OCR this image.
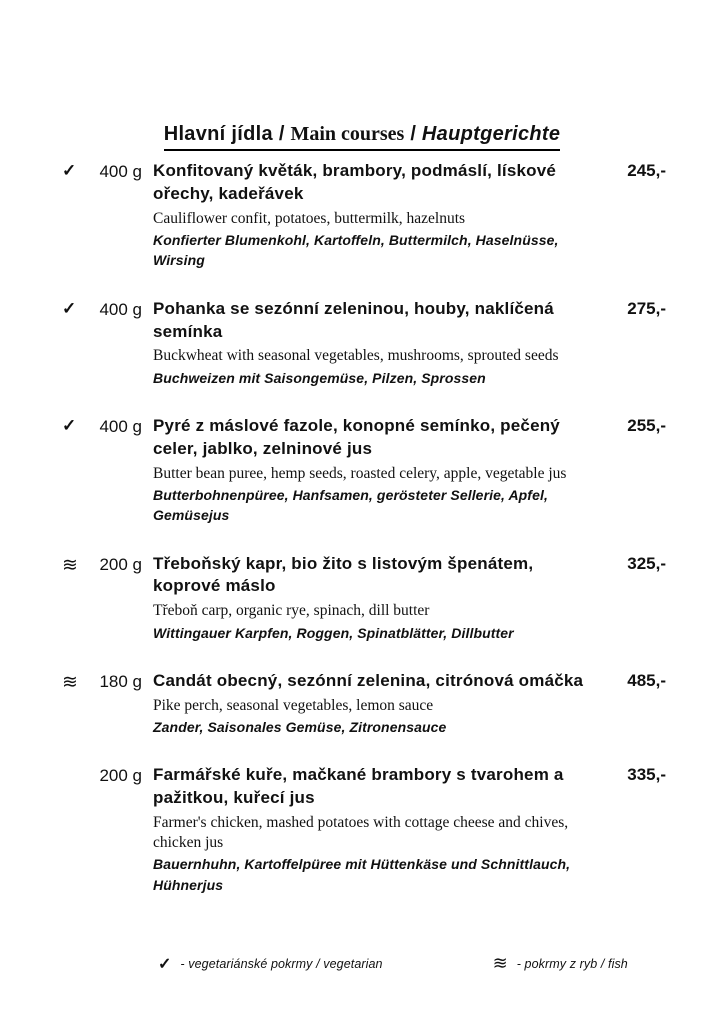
Hlavní jídla / Main courses / Hauptgerichte
✓	400 g Konfitovaný květák, brambory, podmáslí, lískové ořechy, kadeřávek
Cauliflower confit, potatoes, buttermilk, hazelnuts
Konfierter Blumenkohl, Kartoffeln, Buttermilch, Haselnüsse, Wirsing
245,-
✓	400 g Pohanka se sezónní zeleninou, houby, naklíčená semínka
Buckwheat with seasonal vegetables, mushrooms, sprouted seeds
Buchweizen mit Saisongemüse, Pilzen, Sprossen
275,-
✓	400 g Pyré z máslové fazole, konopné semínko, pečený celer, jablko, zelninové jus
Butter bean puree, hemp seeds, roasted celery, apple, vegetable jus
Butterbohnenpüree, Hanfsamen, gerösteter Sellerie, Apfel, Gemüsejus
255,-
≋	200 g Třeboňský kapr, bio žito s listovým špenátem, koprové máslo
Třeboň carp, organic rye, spinach, dill butter
Wittingauer Karpfen, Roggen, Spinatblätter, Dillbutter
325,-
≋	180 g Candát obecný, sezónní zelenina, citrónová omáčka
Pike perch, seasonal vegetables, lemon sauce
Zander, Saisonales Gemüse, Zitronensauce
485,-
200 g Farmářské kuře, mačkané brambory s tvarohem a pažitkou, kuřecí jus
Farmer's chicken, mashed potatoes with cottage cheese and chives, chicken jus
Bauernhuhn, Kartoffelpüree mit Hüttenkäse und Schnittlauch, Hühnerjus
335,-
✓ - vegetariánské pokrmy / vegetarian	≋ - pokrmy z ryb / fish
